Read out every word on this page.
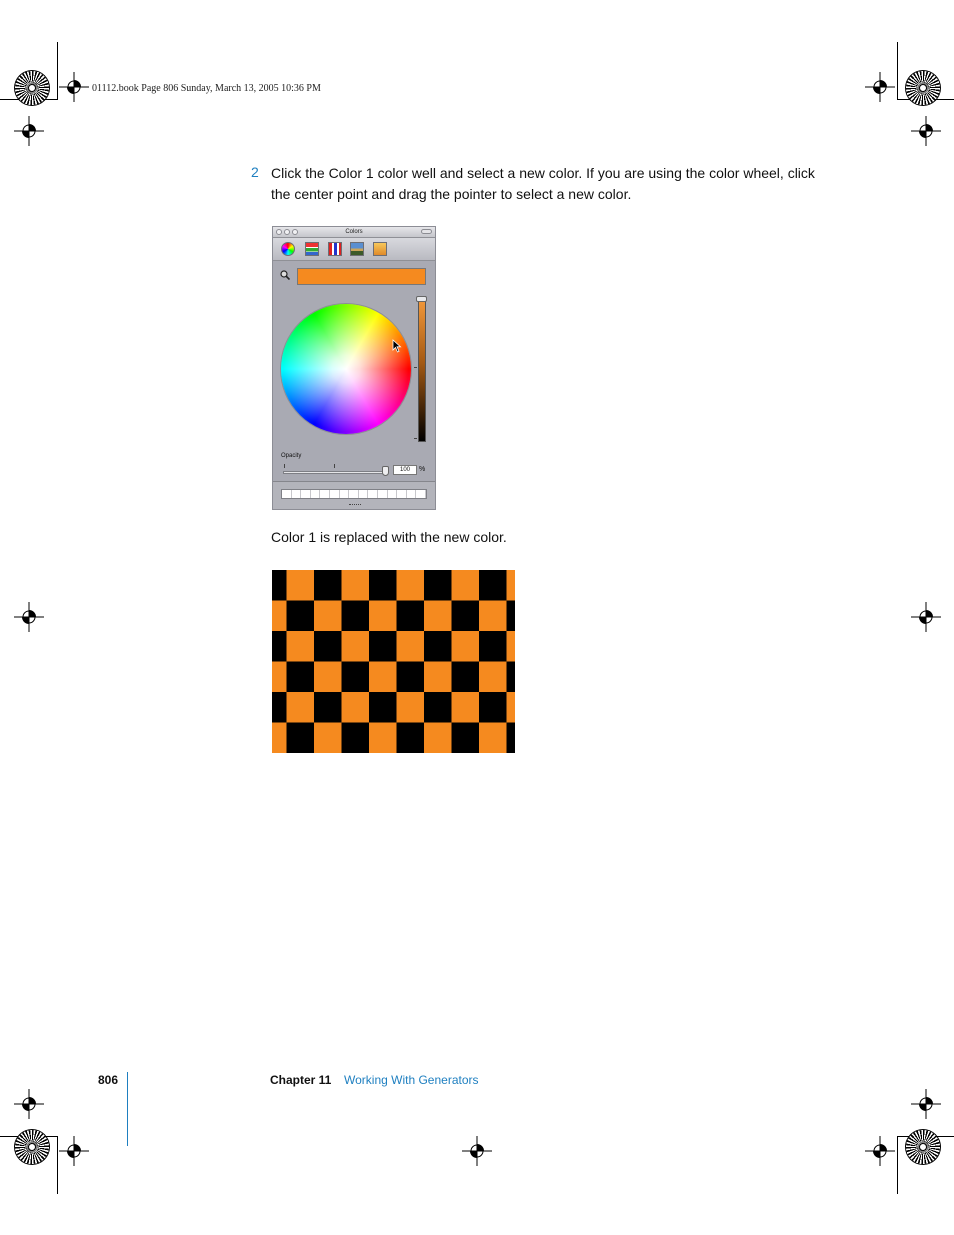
01112.book Page 806 Sunday, March 13, 2005 10:36 PM
2 Click the Color 1 color well and select a new color. If you are using the color wheel, click the center point and drag the pointer to select a new color.
Colors
Opacity
100	%
Color 1 is replaced with the new color.
806	Chapter 11 Working With Generators
